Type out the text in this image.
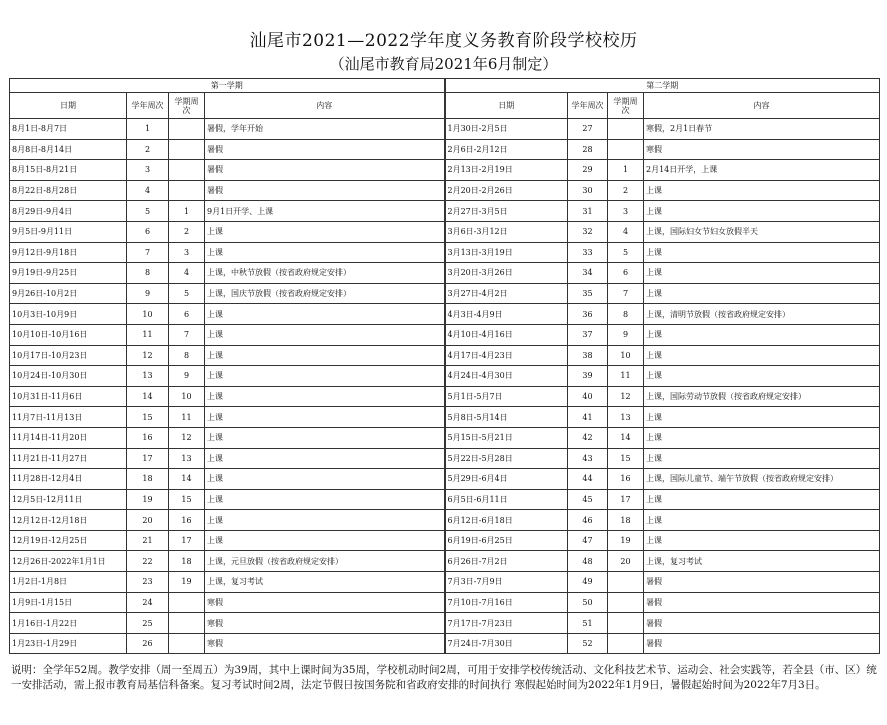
汕尾市2021—2022学年度义务教育阶段学校校历
（汕尾市教育局2021年6月制定）
第一学期				第二学期			
日期	学年周次	学期周次	内容	日期	学年周次	学期周次	内容
8月1日-8月7日	1		暑假，学年开始	1月30日-2月5日	27		寒假，2月1日春节
8月8日-8月14日	2		暑假	2月6日-2月12日	28		寒假
8月15日-8月21日	3		暑假	2月13日-2月19日	29	1	2月14日开学，上课
8月22日-8月28日	4		暑假	2月20日-2月26日	30	2	上课
8月29日-9月4日	5	1	9月1日开学、上课	2月27日-3月5日	31	3	上课
9月5日-9月11日	6	2	上课	3月6日-3月12日	32	4	上课，国际妇女节妇女放假半天
9月12日-9月18日	7	3	上课	3月13日-3月19日	33	5	上课
9月19日-9月25日	8	4	上课，中秋节放假（按省政府规定安排）	3月20日-3月26日	34	6	上课
9月26日-10月2日	9	5	上课，国庆节放假（按省政府规定安排）	3月27日-4月2日	35	7	上课
10月3日-10月9日	10	6	上课	4月3日-4月9日	36	8	上课，清明节放假（按省政府规定安排）
10月10日-10月16日	11	7	上课	4月10日-4月16日	37	9	上课
10月17日-10月23日	12	8	上课	4月17日-4月23日	38	10	上课
10月24日-10月30日	13	9	上课	4月24日-4月30日	39	11	上课
10月31日-11月6日	14	10	上课	5月1日-5月7日	40	12	上课，国际劳动节放假（按省政府规定安排）
11月7日-11月13日	15	11	上课	5月8日-5月14日	41	13	上课
11月14日-11月20日	16	12	上课	5月15日-5月21日	42	14	上课
11月21日-11月27日	17	13	上课	5月22日-5月28日	43	15	上课
11月28日-12月4日	18	14	上课	5月29日-6月4日	44	16	上课，国际儿童节、端午节放假（按省政府规定安排）
12月5日-12月11日	19	15	上课	6月5日-6月11日	45	17	上课
12月12日-12月18日	20	16	上课	6月12日-6月18日	46	18	上课
12月19日-12月25日	21	17	上课	6月19日-6月25日	47	19	上课
12月26日-2022年1月1日	22	18	上课，元旦放假（按省政府规定安排）	6月26日-7月2日	48	20	上课，复习考试
1月2日-1月8日	23	19	上课，复习考试	7月3日-7月9日	49		暑假
1月9日-1月15日	24		寒假	7月10日-7月16日	50		暑假
1月16日-1月22日	25		寒假	7月17日-7月23日	51		暑假
1月23日-1月29日	26		寒假	7月24日-7月30日	52		暑假
说明：全学年52周。教学安排（周一至周五）为39周，其中上课时间为35周，学校机动时间2周，可用于安排学校传统活动、文化科技艺术节、运动会、社会实践等，若全县（市、区）统一安排活动，需上报市教育局基信科备案。复习考试时间2周，法定节假日按国务院和省政府安排的时间执行 寒假起始时间为2022年1月9日，暑假起始时间为2022年7月3日。
